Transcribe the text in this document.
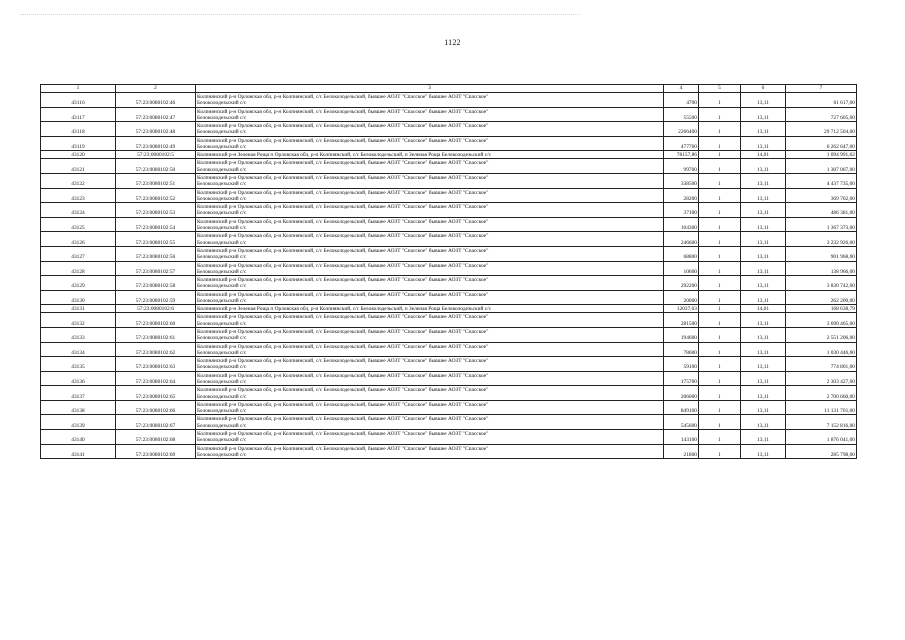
1122
1	2	3	4	5	6	7
43116	57:23:0080102:46	Колпнянский р-н Орловская обл, р-н Колпнянский, с/с Белоколодезьский, бывшее АОЗТ "Спасское" бывшее АОЗТ "Спасское"
Белоколодезьский с/с	4700	1	13,11	61 617,00
43117	57:23:0080102:47	Колпнянский р-н Орловская обл, р-н Колпнянский, с/с Белоколодезьский, бывшее АОЗТ "Спасское" бывшее АОЗТ "Спасское"
Белоколодезьский с/с	55500	1	13,11	727 605,00
43118	57:23:0080102:48	Колпнянский р-н Орловская обл, р-н Колпнянский, с/с Белоколодезьский, бывшее АОЗТ "Спасское" бывшее АОЗТ "Спасское"
Белоколодезьский с/с	2266400	1	13,11	29 712 504,00
43119	57:23:0080102:49	Колпнянский р-н Орловская обл, р-н Колпнянский, с/с Белоколодезьский, бывшее АОЗТ "Спасское" бывшее АОЗТ "Спасское"
Белоколодезьский с/с	477700	1	13,11	6 262 647,00
43120	57:23:0080102:5	Колпнянский р-н Зеленая Роща п Орловская обл, р-н Колпнянский, с/с Белоколодезьский, п Зеленая Роща Белоколодезьский с/с	78157,86	1	14,01	1 094 991,62
43121	57:23:0080102:50	Колпнянский р-н Орловская обл, р-н Колпнянский, с/с Белоколодезьский, бывшее АОЗТ "Спасское" бывшее АОЗТ "Спасское"
Белоколодезьский с/с	99700	1	13,11	1 307 067,00
43122	57:23:0080102:51	Колпнянский р-н Орловская обл, р-н Колпнянский, с/с Белоколодезьский, бывшее АОЗТ "Спасское" бывшее АОЗТ "Спасское"
Белоколодезьский с/с	338500	1	13,11	4 437 735,00
43123	57:23:0080102:52	Колпнянский р-н Орловская обл, р-н Колпнянский, с/с Белоколодезьский, бывшее АОЗТ "Спасское" бывшее АОЗТ "Спасское"
Белоколодезьский с/с	28200	1	13,11	369 702,00
43124	57:23:0080102:53	Колпнянский р-н Орловская обл, р-н Колпнянский, с/с Белоколодезьский, бывшее АОЗТ "Спасское" бывшее АОЗТ "Спасское"
Белоколодезьский с/с	37100	1	13,11	486 381,00
43125	57:23:0080102:54	Колпнянский р-н Орловская обл, р-н Колпнянский, с/с Белоколодезьский, бывшее АОЗТ "Спасское" бывшее АОЗТ "Спасское"
Белоколодезьский с/с	104300	1	13,11	1 367 373,00
43126	57:23:0080102:55	Колпнянский р-н Орловская обл, р-н Колпнянский, с/с Белоколодезьский, бывшее АОЗТ "Спасское" бывшее АОЗТ "Спасское"
Белоколодезьский с/с	246600	1	13,11	3 232 926,00
43127	57:23:0080102:56	Колпнянский р-н Орловская обл, р-н Колпнянский, с/с Белоколодезьский, бывшее АОЗТ "Спасское" бывшее АОЗТ "Спасское"
Белоколодезьский с/с	68800	1	13,11	901 968,00
43128	57:23:0080102:57	Колпнянский р-н Орловская обл, р-н Колпнянский, с/с Белоколодезьский, бывшее АОЗТ "Спасское" бывшее АОЗТ "Спасское"
Белоколодезьский с/с	10600	1	13,11	138 966,00
43129	57:23:0080102:58	Колпнянский р-н Орловская обл, р-н Колпнянский, с/с Белоколодезьский, бывшее АОЗТ "Спасское" бывшее АОЗТ "Спасское"
Белоколодезьский с/с	292200	1	13,11	3 830 742,00
43130	57:23:0080102:59	Колпнянский р-н Орловская обл, р-н Колпнянский, с/с Белоколодезьский, бывшее АОЗТ "Спасское" бывшее АОЗТ "Спасское"
Белоколодезьский с/с	20000	1	13,11	262 200,00
43131	57:23:0080102:6	Колпнянский р-н Зеленая Роща п Орловская обл, р-н Колпнянский, с/с Белоколодезьский, п Зеленая Роща Белоколодезьский с/с	12037,03	1	14,01	168 638,79
43132	57:23:0080102:60	Колпнянский р-н Орловская обл, р-н Колпнянский, с/с Белоколодезьский, бывшее АОЗТ "Спасское" бывшее АОЗТ "Спасское"
Белоколодезьский с/с	281500	1	13,11	3 690 465,00
43133	57:23:0080102:61	Колпнянский р-н Орловская обл, р-н Колпнянский, с/с Белоколодезьский, бывшее АОЗТ "Спасское" бывшее АОЗТ "Спасское"
Белоколодезьский с/с	194600	1	13,11	2 551 206,00
43134	57:23:0080102:62	Колпнянский р-н Орловская обл, р-н Колпнянский, с/с Белоколодезьский, бывшее АОЗТ "Спасское" бывшее АОЗТ "Спасское"
Белоколодезьский с/с	78600	1	13,11	1 030 446,00
43135	57:23:0080102:63	Колпнянский р-н Орловская обл, р-н Колпнянский, с/с Белоколодезьский, бывшее АОЗТ "Спасское" бывшее АОЗТ "Спасское"
Белоколодезьский с/с	59100	1	13,11	774 801,00
43136	57:23:0080102:64	Колпнянский р-н Орловская обл, р-н Колпнянский, с/с Белоколодезьский, бывшее АОЗТ "Спасское" бывшее АОЗТ "Спасское"
Белоколодезьский с/с	175700	1	13,11	2 303 427,00
43137	57:23:0080102:65	Колпнянский р-н Орловская обл, р-н Колпнянский, с/с Белоколодезьский, бывшее АОЗТ "Спасское" бывшее АОЗТ "Спасское"
Белоколодезьский с/с	206000	1	13,11	2 700 660,00
43138	57:23:0080102:66	Колпнянский р-н Орловская обл, р-н Колпнянский, с/с Белоколодезьский, бывшее АОЗТ "Спасское" бывшее АОЗТ "Спасское"
Белоколодезьский с/с	849100	1	13,11	11 131 701,00
43139	57:23:0080102:67	Колпнянский р-н Орловская обл, р-н Колпнянский, с/с Белоколодезьский, бывшее АОЗТ "Спасское" бывшее АОЗТ "Спасское"
Белоколодезьский с/с	545600	1	13,11	7 152 816,00
43140	57:23:0080102:68	Колпнянский р-н Орловская обл, р-н Колпнянский, с/с Белоколодезьский, бывшее АОЗТ "Спасское" бывшее АОЗТ "Спасское"
Белоколодезьский с/с	143100	1	13,11	1 876 041,00
43141	57:23:0080102:69	Колпнянский р-н Орловская обл, р-н Колпнянский, с/с Белоколодезьский, бывшее АОЗТ "Спасское" бывшее АОЗТ "Спасское"
Белоколодезьский с/с	21800	1	13,11	285 798,00
